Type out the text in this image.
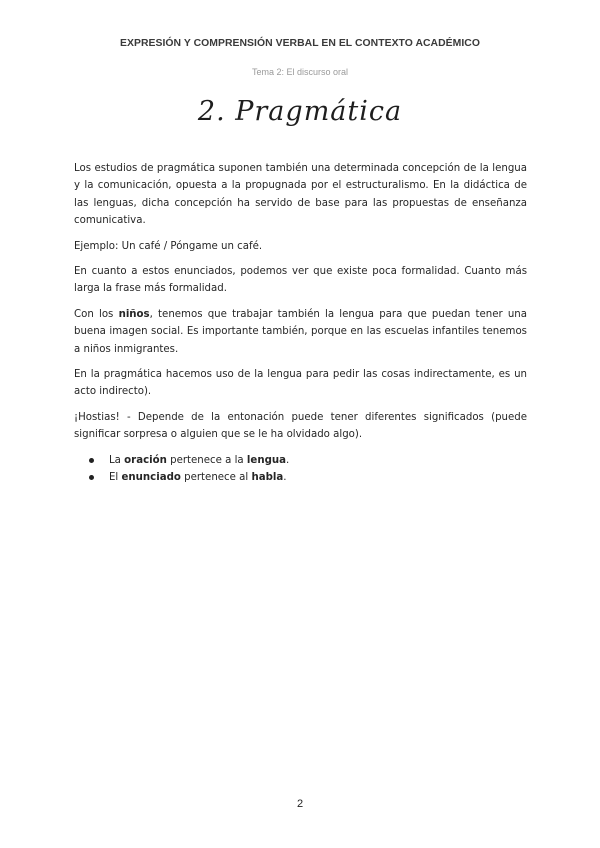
EXPRESIÓN Y COMPRENSIÓN VERBAL EN EL CONTEXTO ACADÉMICO
Tema 2: El discurso oral
2. Pragmática

Los estudios de pragmática suponen también una determinada concepción de la lengua y la comunicación, opuesta a la propugnada por el estructuralismo. En la didáctica de las lenguas, dicha concepción ha servido de base para las propuestas de enseñanza comunicativa.

Ejemplo: Un café / Póngame un café.

En cuanto a estos enunciados, podemos ver que existe poca formalidad. Cuanto más larga la frase más formalidad.

Con los niños, tenemos que trabajar también la lengua para que puedan tener una buena imagen social. Es importante también, porque en las escuelas infantiles tenemos a niños inmigrantes.

En la pragmática hacemos uso de la lengua para pedir las cosas indirectamente, es un acto indirecto).

¡Hostias! - Depende de la entonación puede tener diferentes significados (puede significar sorpresa o alguien que se le ha olvidado algo).

La oración pertenece a la lengua.
El enunciado pertenece al habla.
2
